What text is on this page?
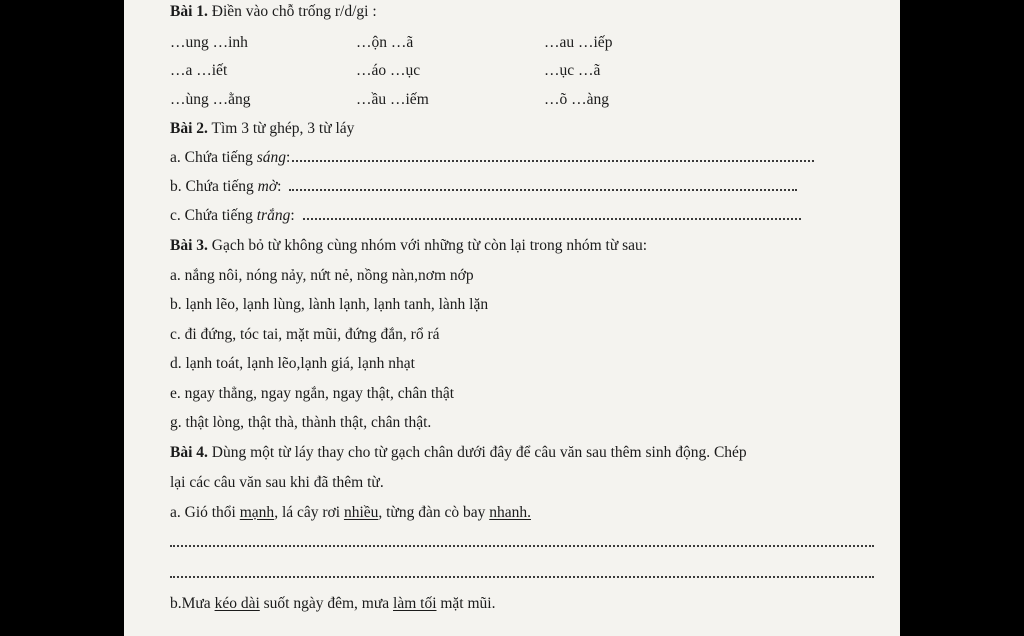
Bài 1. Điền vào chỗ trống r/d/gi :
…ung …inh	…ộn …ã	…au …iếp
…a …iết	…áo …ục	…ục …ã
…ùng …ằng	…ầu …iếm	…õ …àng
Bài 2. Tìm 3 từ ghép, 3 từ láy
a. Chứa tiếng sáng:
b. Chứa tiếng mờ:
c. Chứa tiếng trắng:
Bài 3. Gạch bỏ từ không cùng nhóm với những từ còn lại trong nhóm từ sau:
a. nắng nôi, nóng nảy, nứt nẻ, nồng nàn,nơm nớp
b. lạnh lẽo, lạnh lùng, lành lạnh, lạnh tanh, lành lặn
c. đi đứng, tóc tai, mặt mũi, đứng đắn, rổ rá
d. lạnh toát, lạnh lẽo,lạnh giá, lạnh nhạt
e. ngay thẳng, ngay ngắn, ngay thật, chân thật
g. thật lòng, thật thà, thành thật, chân thật.
Bài 4. Dùng một từ láy thay cho từ gạch chân dưới đây để câu văn sau thêm sinh động. Chép
lại các câu văn sau khi đã thêm từ.
a. Gió thổi mạnh, lá cây rơi nhiều, từng đàn cò bay nhanh.
b.Mưa kéo dài suốt ngày đêm, mưa làm tối mặt mũi.
